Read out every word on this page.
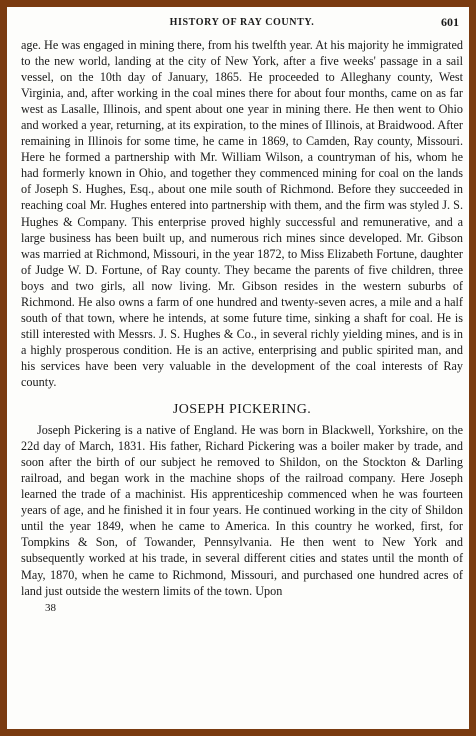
HISTORY OF RAY COUNTY.	601

age. He was engaged in mining there, from his twelfth year. At his majority he immigrated to the new world, landing at the city of New York, after a five weeks' passage in a sail vessel, on the 10th day of January, 1865. He proceeded to Alleghany county, West Virginia, and, after working in the coal mines there for about four months, came on as far west as Lasalle, Illinois, and spent about one year in mining there. He then went to Ohio and worked a year, returning, at its expiration, to the mines of Illinois, at Braidwood. After remaining in Illinois for some time, he came in 1869, to Camden, Ray county, Missouri. Here he formed a partnership with Mr. William Wilson, a countryman of his, whom he had formerly known in Ohio, and together they commenced mining for coal on the lands of Joseph S. Hughes, Esq., about one mile south of Richmond. Before they succeeded in reaching coal Mr. Hughes entered into partnership with them, and the firm was styled J. S. Hughes & Company. This enterprise proved highly successful and remunerative, and a large business has been built up, and numerous rich mines since developed. Mr. Gibson was married at Richmond, Missouri, in the year 1872, to Miss Elizabeth Fortune, daughter of Judge W. D. Fortune, of Ray county. They became the parents of five children, three boys and two girls, all now living. Mr. Gibson resides in the western suburbs of Richmond. He also owns a farm of one hundred and twenty-seven acres, a mile and a half south of that town, where he intends, at some future time, sinking a shaft for coal. He is still interested with Messrs. J. S. Hughes & Co., in several richly yielding mines, and is in a highly prosperous condition. He is an active, enterprising and public spirited man, and his services have been very valuable in the development of the coal interests of Ray county.

JOSEPH PICKERING.

Joseph Pickering is a native of England. He was born in Blackwell, Yorkshire, on the 22d day of March, 1831. His father, Richard Pickering was a boiler maker by trade, and soon after the birth of our subject he removed to Shildon, on the Stockton & Darling railroad, and began work in the machine shops of the railroad company. Here Joseph learned the trade of a machinist. His apprenticeship commenced when he was fourteen years of age, and he finished it in four years. He continued working in the city of Shildon until the year 1849, when he came to America. In this country he worked, first, for Tompkins & Son, of Towander, Pennsylvania. He then went to New York and subsequently worked at his trade, in several different cities and states until the month of May, 1870, when he came to Richmond, Missouri, and purchased one hundred acres of land just outside the western limits of the town. Upon

38
